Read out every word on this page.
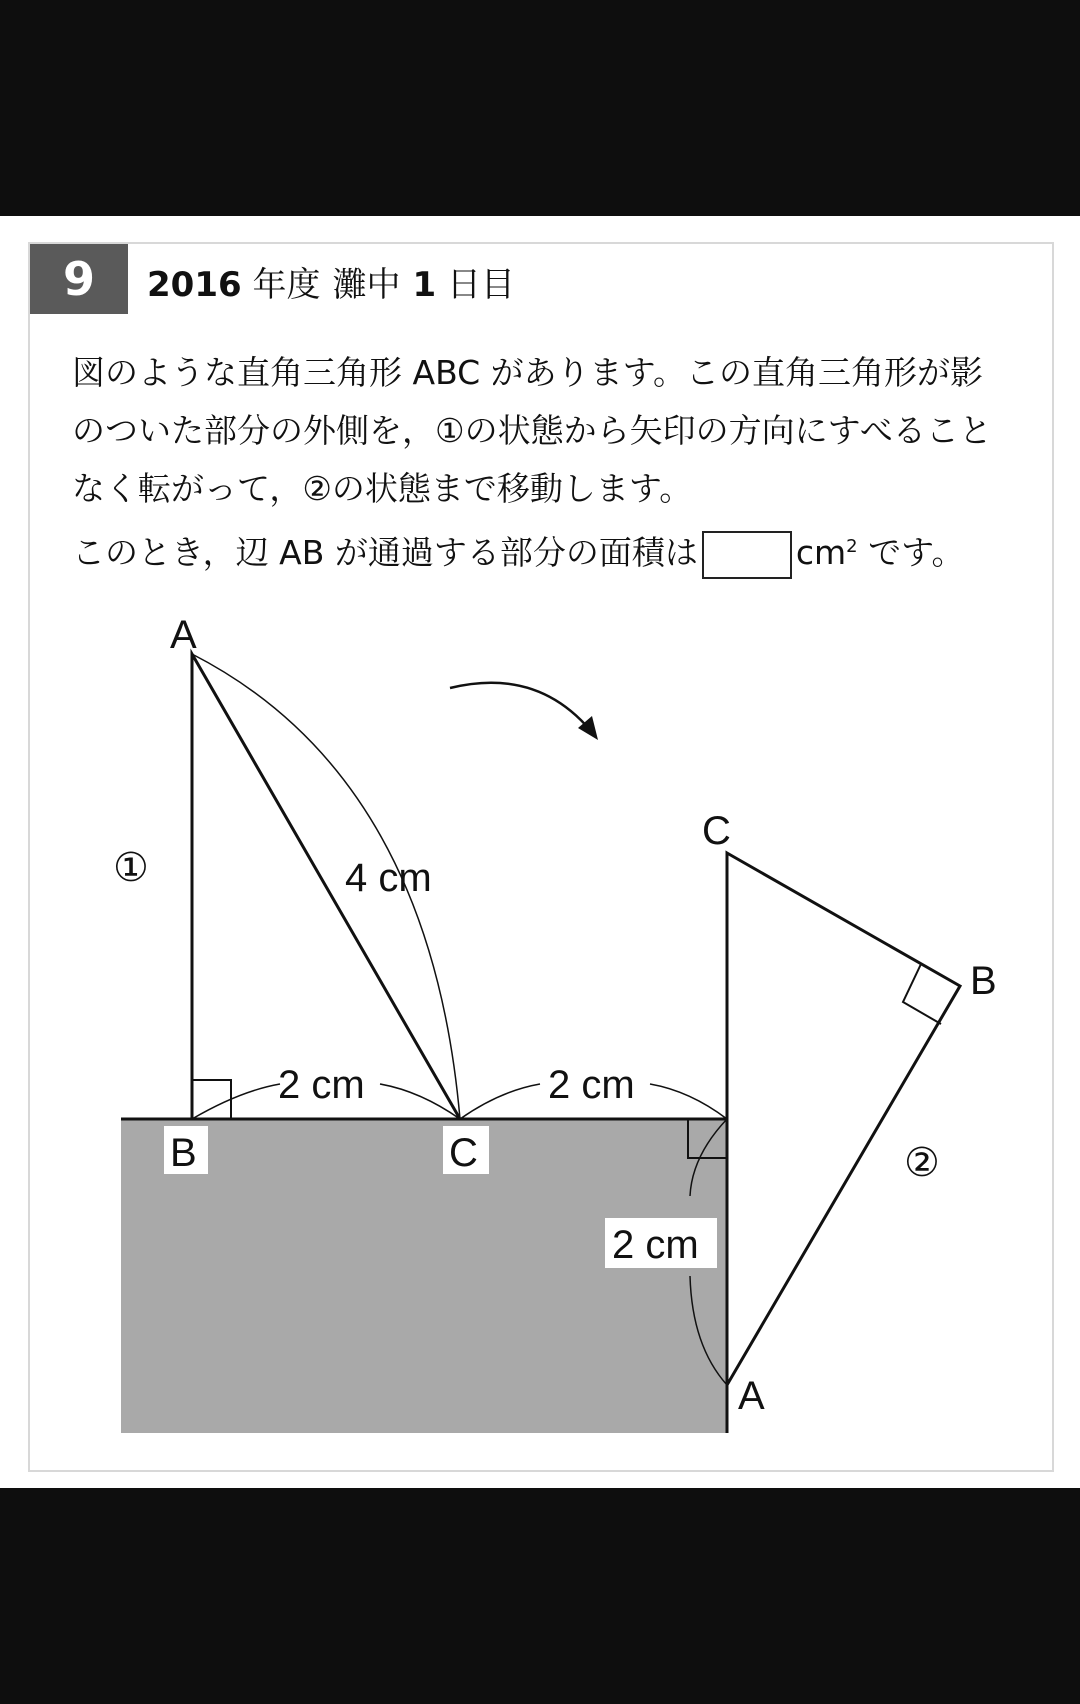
9 2016 年度 灘中 1 日目

図のような直角三角形 ABC があります。この直角三角形が影

のついた部分の外側を，①の状態から矢印の方向にすべること

なく転がって，②の状態まで移動します。

このとき，辺 AB が通過する部分の面積は	$cm^2$ です。

A
B	C
C
B
A
①
②
4 cm
2 cm	2 cm
2 cm
